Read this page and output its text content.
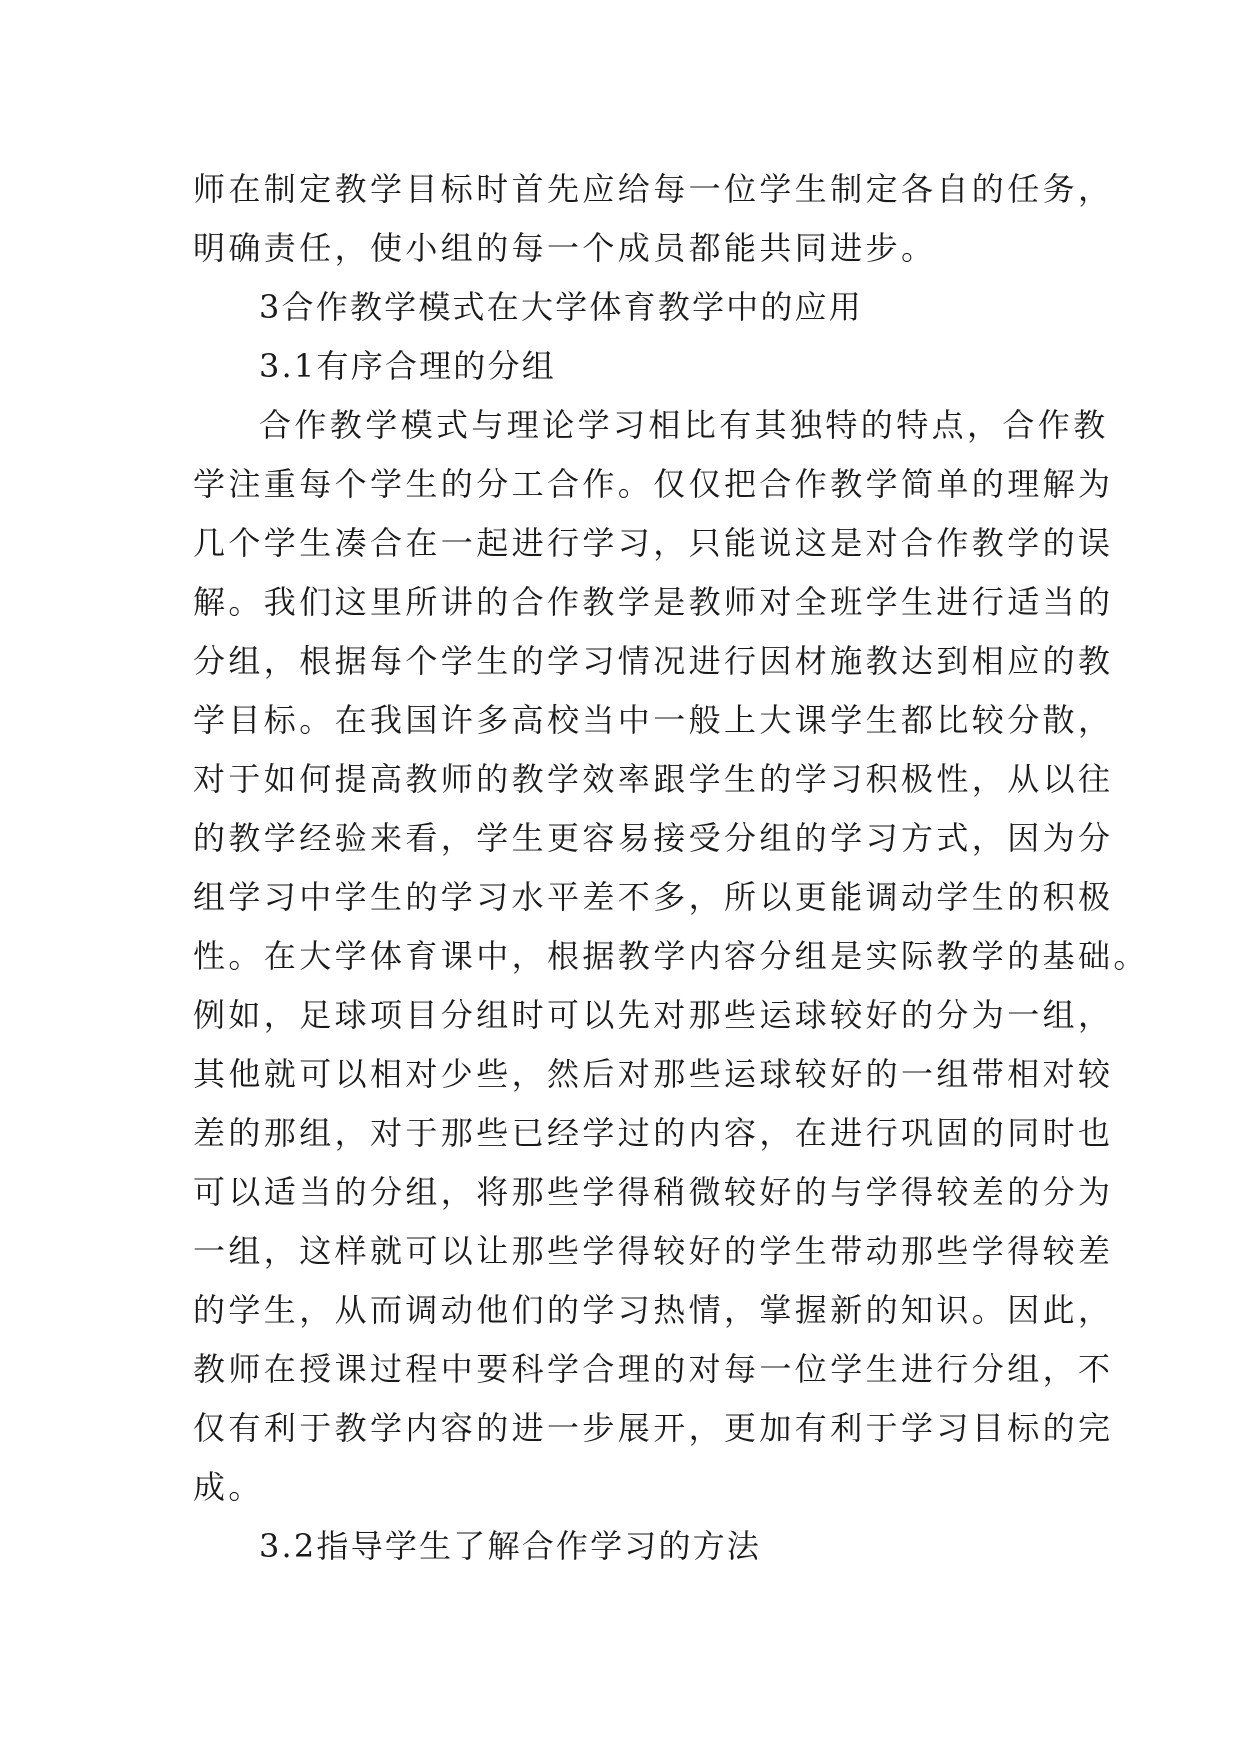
师在制定教学目标时首先应给每一位学生制定各自的任务，
明确责任，使小组的每一个成员都能共同进步。
3合作教学模式在大学体育教学中的应用
3.1有序合理的分组
合作教学模式与理论学习相比有其独特的特点，合作教
学注重每个学生的分工合作。仅仅把合作教学简单的理解为
几个学生凑合在一起进行学习，只能说这是对合作教学的误
解。我们这里所讲的合作教学是教师对全班学生进行适当的
分组，根据每个学生的学习情况进行因材施教达到相应的教
学目标。在我国许多高校当中一般上大课学生都比较分散，
对于如何提高教师的教学效率跟学生的学习积极性，从以往
的教学经验来看，学生更容易接受分组的学习方式，因为分
组学习中学生的学习水平差不多，所以更能调动学生的积极
性。在大学体育课中，根据教学内容分组是实际教学的基础。
例如，足球项目分组时可以先对那些运球较好的分为一组，
其他就可以相对少些，然后对那些运球较好的一组带相对较
差的那组，对于那些已经学过的内容，在进行巩固的同时也
可以适当的分组，将那些学得稍微较好的与学得较差的分为
一组，这样就可以让那些学得较好的学生带动那些学得较差
的学生，从而调动他们的学习热情，掌握新的知识。因此，
教师在授课过程中要科学合理的对每一位学生进行分组，不
仅有利于教学内容的进一步展开，更加有利于学习目标的完
成。
3.2指导学生了解合作学习的方法
